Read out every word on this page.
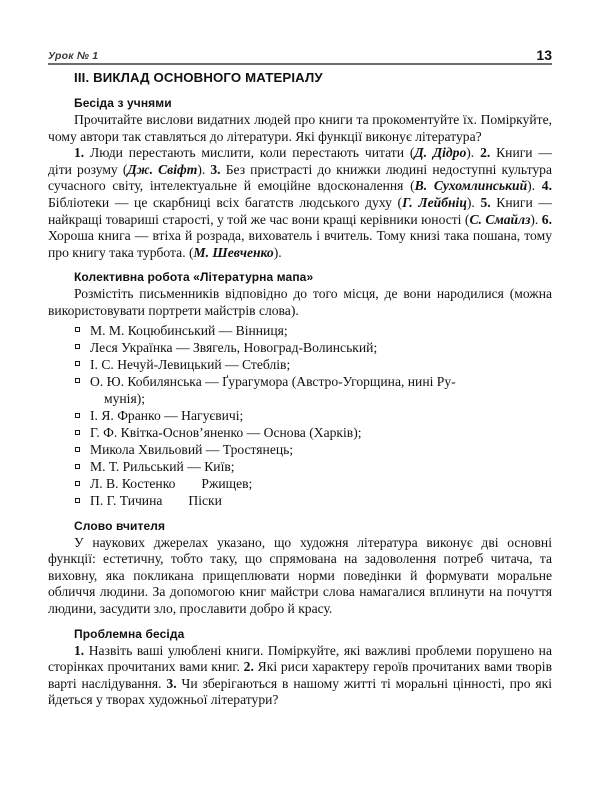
Урок № 1	13
III. ВИКЛАД ОСНОВНОГО МАТЕРІАЛУ
Бесіда з учнями

Прочитайте вислови видатних людей про книги та прокоментуйте їх. Поміркуйте, чому автори так ставляться до літератури. Які функції виконує література?

1. Люди перестають мислити, коли перестають читати (Д. Дідро). 2. Книги — діти розуму (Дж. Свіфт). 3. Без пристрасті до книжки людині недоступні культура сучасного світу, інтелектуальне й емоційне вдосконалення (В. Сухомлинський). 4. Бібліотеки — це скарбниці всіх багатств людського духу (Г. Лейбніц). 5. Книги — найкращі товариші старості, у той же час вони кращі керівники юності (С. Смайлз). 6. Хороша книга — втіха й розрада, вихователь і вчитель. Тому книзі така пошана, тому про книгу така турбота. (М. Шевченко).

Колективна робота «Літературна мапа»

Розмістіть письменників відповідно до того місця, де вони народилися (можна використовувати портрети майстрів слова).

М. М. Коцюбинський — Вінниця;
Леся Українка — Звягель, Новоград-Волинський;
І. С. Нечуй-Левицький — Стеблів;
О. Ю. Кобилянська — Ґурагумора (Австро-Угорщина, нині Ру-
мунія);
І. Я. Франко — Нагуєвичі;
Г. Ф. Квітка-Основ’яненко — Основа (Харків);
Микола Хвильовий — Тростянець;
М. Т. Рильський — Київ;
Л. В. Костенко Ржищев;
П. Г. Тичина Піски
Слово вчителя

У наукових джерелах указано, що художня література виконує дві основні функції: естетичну, тобто таку, що спрямована на задоволення потреб читача, та виховну, яка покликана прищеплювати норми поведінки й формувати моральне обличчя людини. За допомогою книг майстри слова намагалися вплинути на почуття людини, засудити зло, прославити добро й красу.

Проблемна бесіда

1. Назвіть ваші улюблені книги. Поміркуйте, які важливі проблеми порушено на сторінках прочитаних вами книг. 2. Які риси характеру героїв прочитаних вами творів варті наслідування. 3. Чи зберігаються в нашому житті ті моральні цінності, про які йдеться у творах художньої літератури?
